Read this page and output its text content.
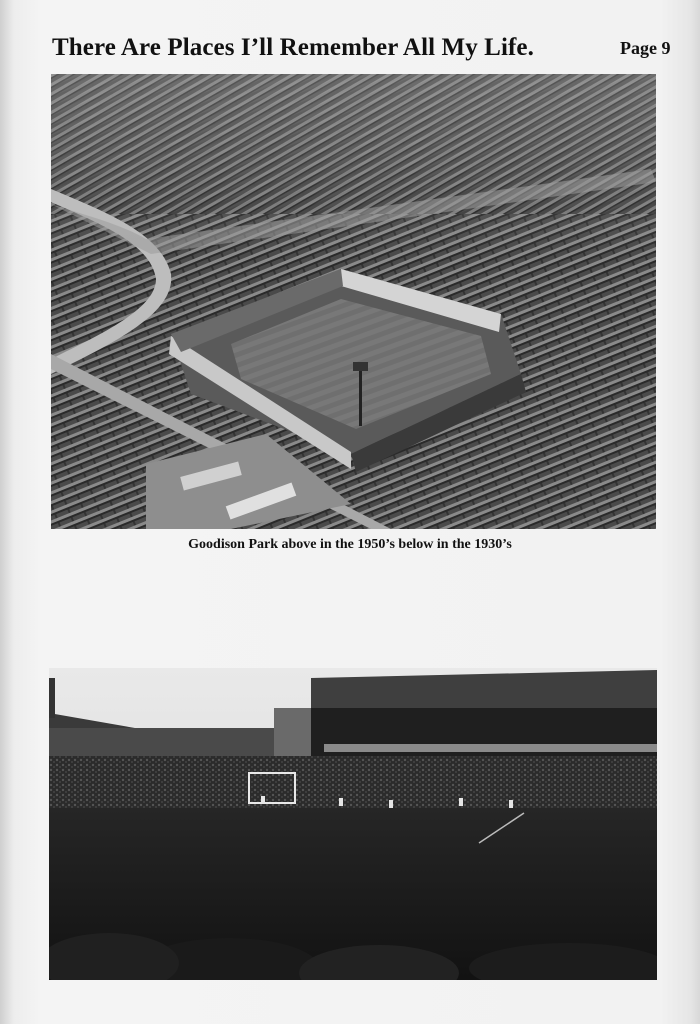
There Are Places I’ll Remember All My Life.	Page 9
Goodison Park above in the 1950’s below in the 1930’s
